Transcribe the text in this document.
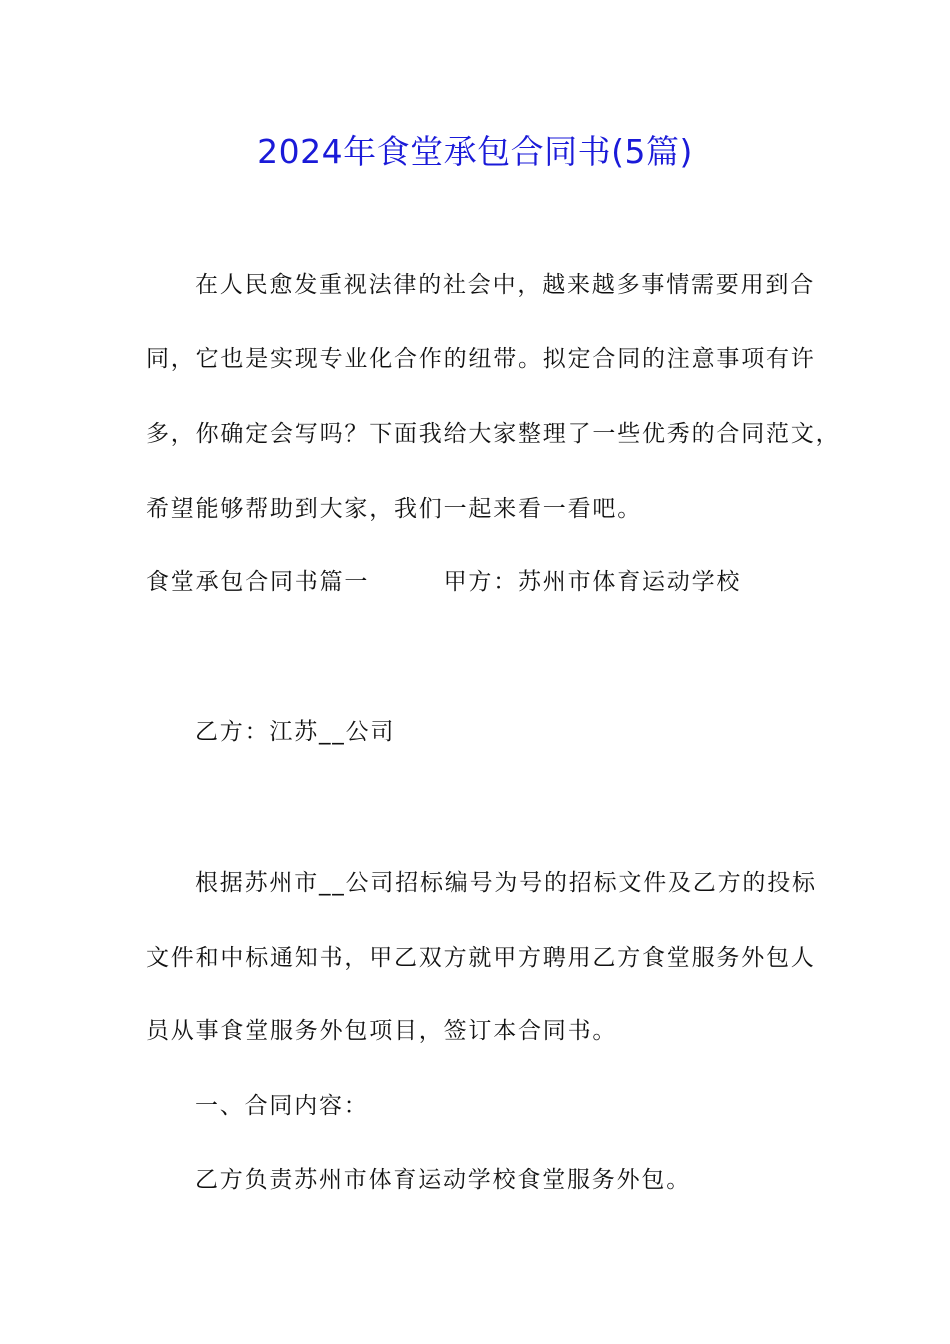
2024年食堂承包合同书(5篇)
在人民愈发重视法律的社会中，越来越多事情需要用到合
同，它也是实现专业化合作的纽带。拟定合同的注意事项有许
多，你确定会写吗？下面我给大家整理了一些优秀的合同范文，
希望能够帮助到大家，我们一起来看一看吧。
食堂承包合同书篇一　　　甲方：苏州市体育运动学校
乙方：江苏__公司
根据苏州市__公司招标编号为号的招标文件及乙方的投标
文件和中标通知书，甲乙双方就甲方聘用乙方食堂服务外包人
员从事食堂服务外包项目，签订本合同书。
一、合同内容：
乙方负责苏州市体育运动学校食堂服务外包。
